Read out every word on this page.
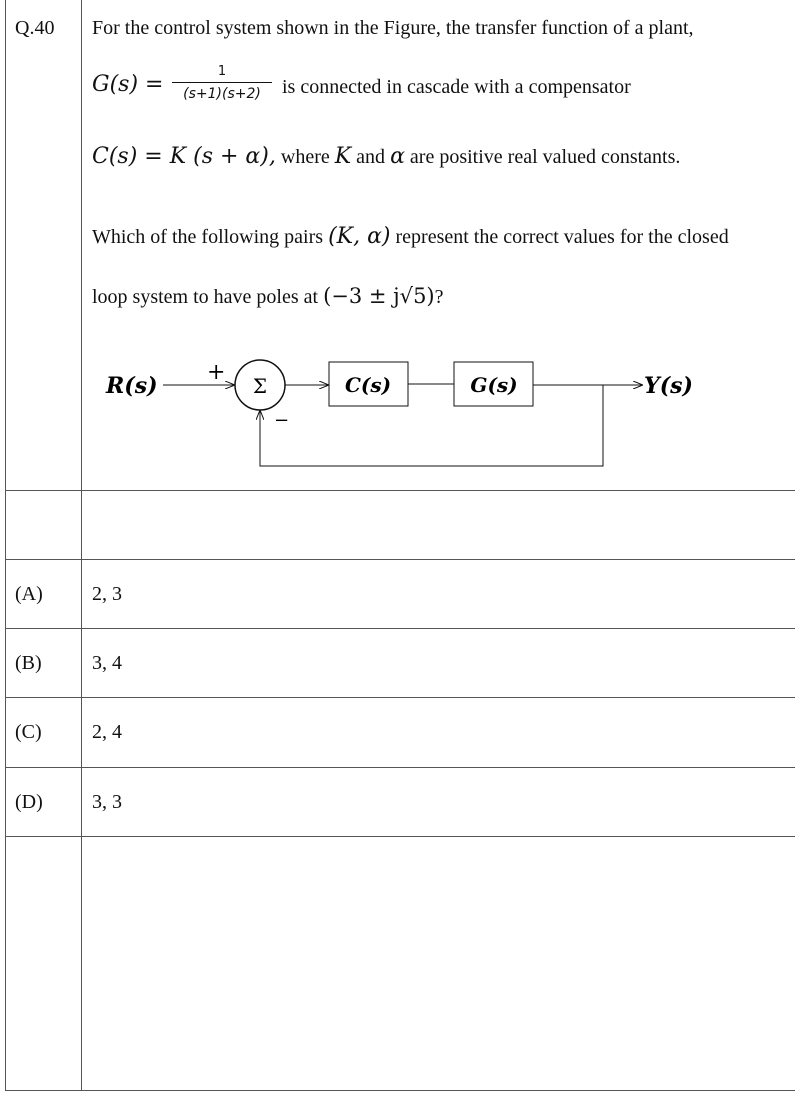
Q.40 For the control system shown in the Figure, the transfer function of a plant,
G(s) =
1
(s+1)(s+2)	is connected in cascade with a compensator
C(s) = K (s + α), where K and α are positive real valued constants.
Which of the following pairs (K, α) represent the correct values for the closed
loop system to have poles at (−3 ± j√5)?
R(s)
+
Σ
−
C(s)	G(s)	Y(s)
(A) 2, 3
(B)	3, 4
(C)	2, 4
(D) 3, 3
